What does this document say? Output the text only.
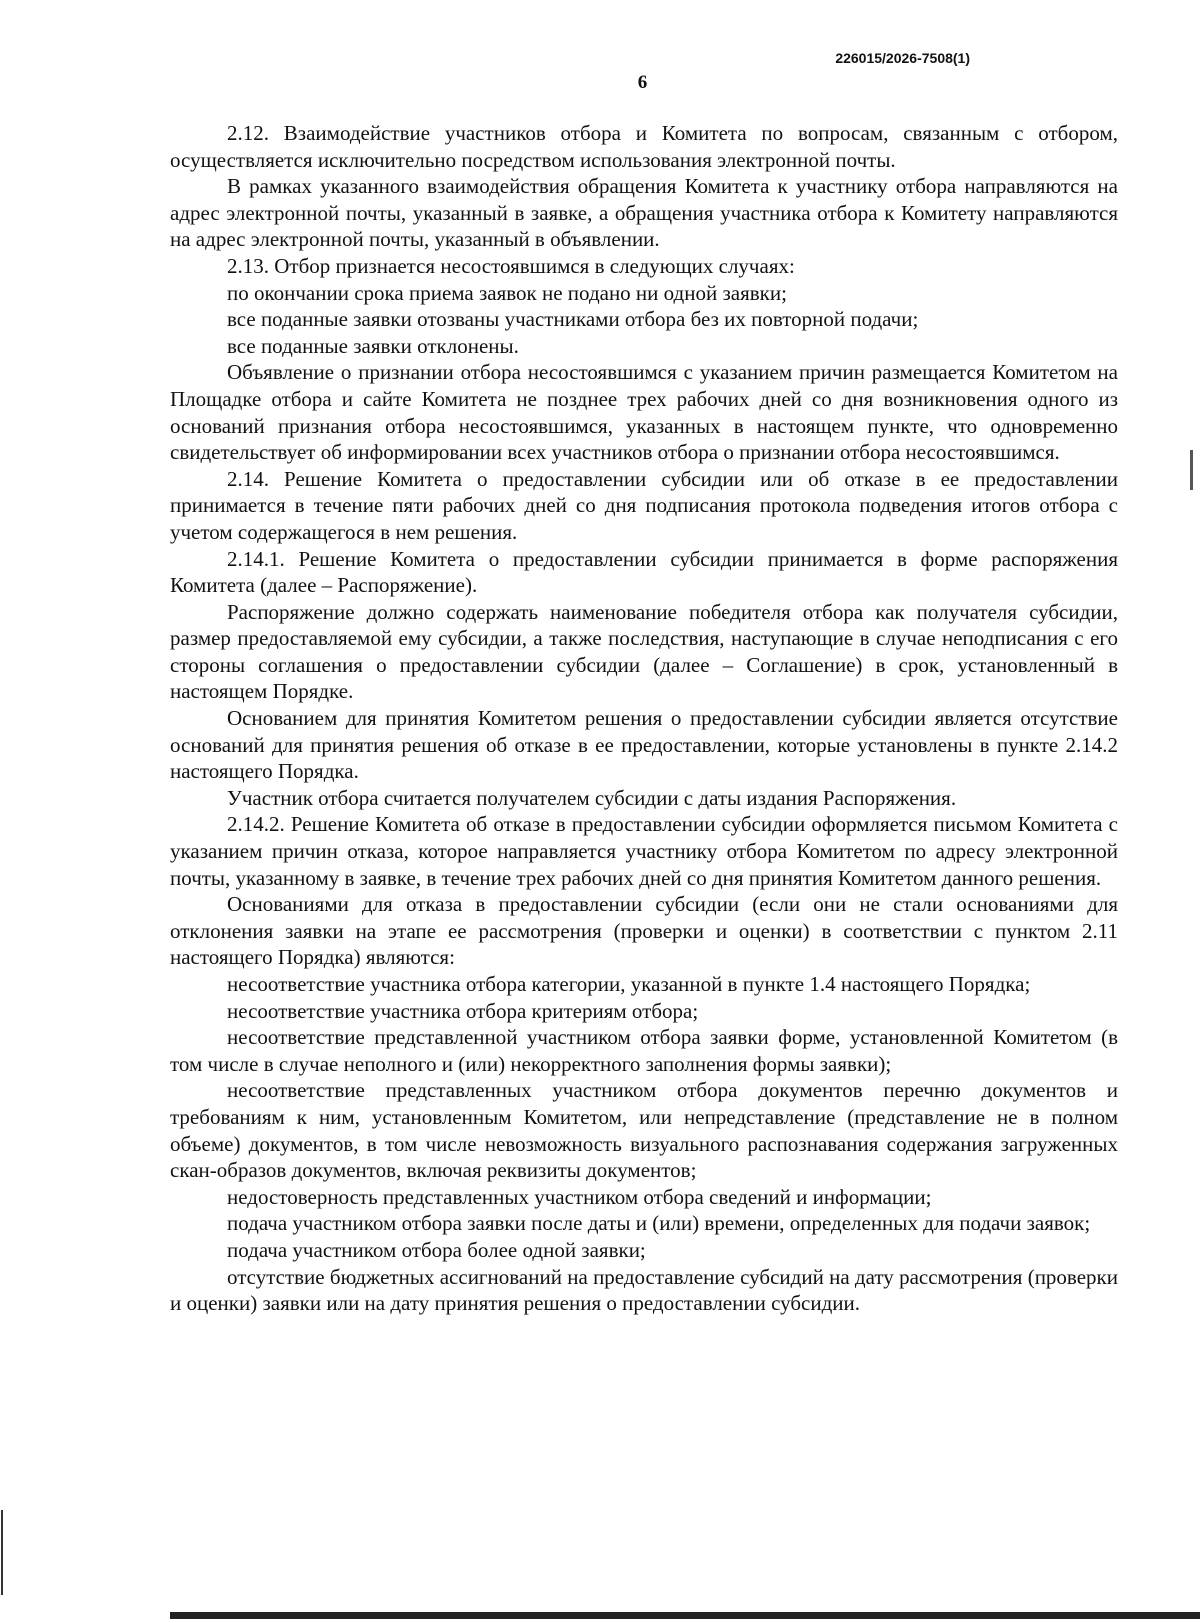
226015/2026-7508(1)
6

2.12. Взаимодействие участников отбора и Комитета по вопросам, связанным с отбором, осуществляется исключительно посредством использования электронной почты.

В рамках указанного взаимодействия обращения Комитета к участнику отбора направляются на адрес электронной почты, указанный в заявке, а обращения участника отбора к Комитету направляются на адрес электронной почты, указанный в объявлении.

2.13. Отбор признается несостоявшимся в следующих случаях:

по окончании срока приема заявок не подано ни одной заявки;

все поданные заявки отозваны участниками отбора без их повторной подачи;

все поданные заявки отклонены.

Объявление о признании отбора несостоявшимся с указанием причин размещается Комитетом на Площадке отбора и сайте Комитета не позднее трех рабочих дней со дня возникновения одного из оснований признания отбора несостоявшимся, указанных в настоящем пункте, что одновременно свидетельствует об информировании всех участников отбора о признании отбора несостоявшимся.

2.14. Решение Комитета о предоставлении субсидии или об отказе в ее предоставлении принимается в течение пяти рабочих дней со дня подписания протокола подведения итогов отбора с учетом содержащегося в нем решения.

2.14.1. Решение Комитета о предоставлении субсидии принимается в форме распоряжения Комитета (далее – Распоряжение).

Распоряжение должно содержать наименование победителя отбора как получателя субсидии, размер предоставляемой ему субсидии, а также последствия, наступающие в случае неподписания с его стороны соглашения о предоставлении субсидии (далее – Соглашение) в срок, установленный в настоящем Порядке.

Основанием для принятия Комитетом решения о предоставлении субсидии является отсутствие оснований для принятия решения об отказе в ее предоставлении, которые установлены в пункте 2.14.2 настоящего Порядка.

Участник отбора считается получателем субсидии с даты издания Распоряжения.

2.14.2. Решение Комитета об отказе в предоставлении субсидии оформляется письмом Комитета с указанием причин отказа, которое направляется участнику отбора Комитетом по адресу электронной почты, указанному в заявке, в течение трех рабочих дней со дня принятия Комитетом данного решения.

Основаниями для отказа в предоставлении субсидии (если они не стали основаниями для отклонения заявки на этапе ее рассмотрения (проверки и оценки) в соответствии с пунктом 2.11 настоящего Порядка) являются:

несоответствие участника отбора категории, указанной в пункте 1.4 настоящего Порядка;

несоответствие участника отбора критериям отбора;

несоответствие представленной участником отбора заявки форме, установленной Комитетом (в том числе в случае неполного и (или) некорректного заполнения формы заявки);

несоответствие представленных участником отбора документов перечню документов и требованиям к ним, установленным Комитетом, или непредставление (представление не в полном объеме) документов, в том числе невозможность визуального распознавания содержания загруженных скан-образов документов, включая реквизиты документов;

недостоверность представленных участником отбора сведений и информации;

подача участником отбора заявки после даты и (или) времени, определенных для подачи заявок;

подача участником отбора более одной заявки;

отсутствие бюджетных ассигнований на предоставление субсидий на дату рассмотрения (проверки и оценки) заявки или на дату принятия решения о предоставлении субсидии.
